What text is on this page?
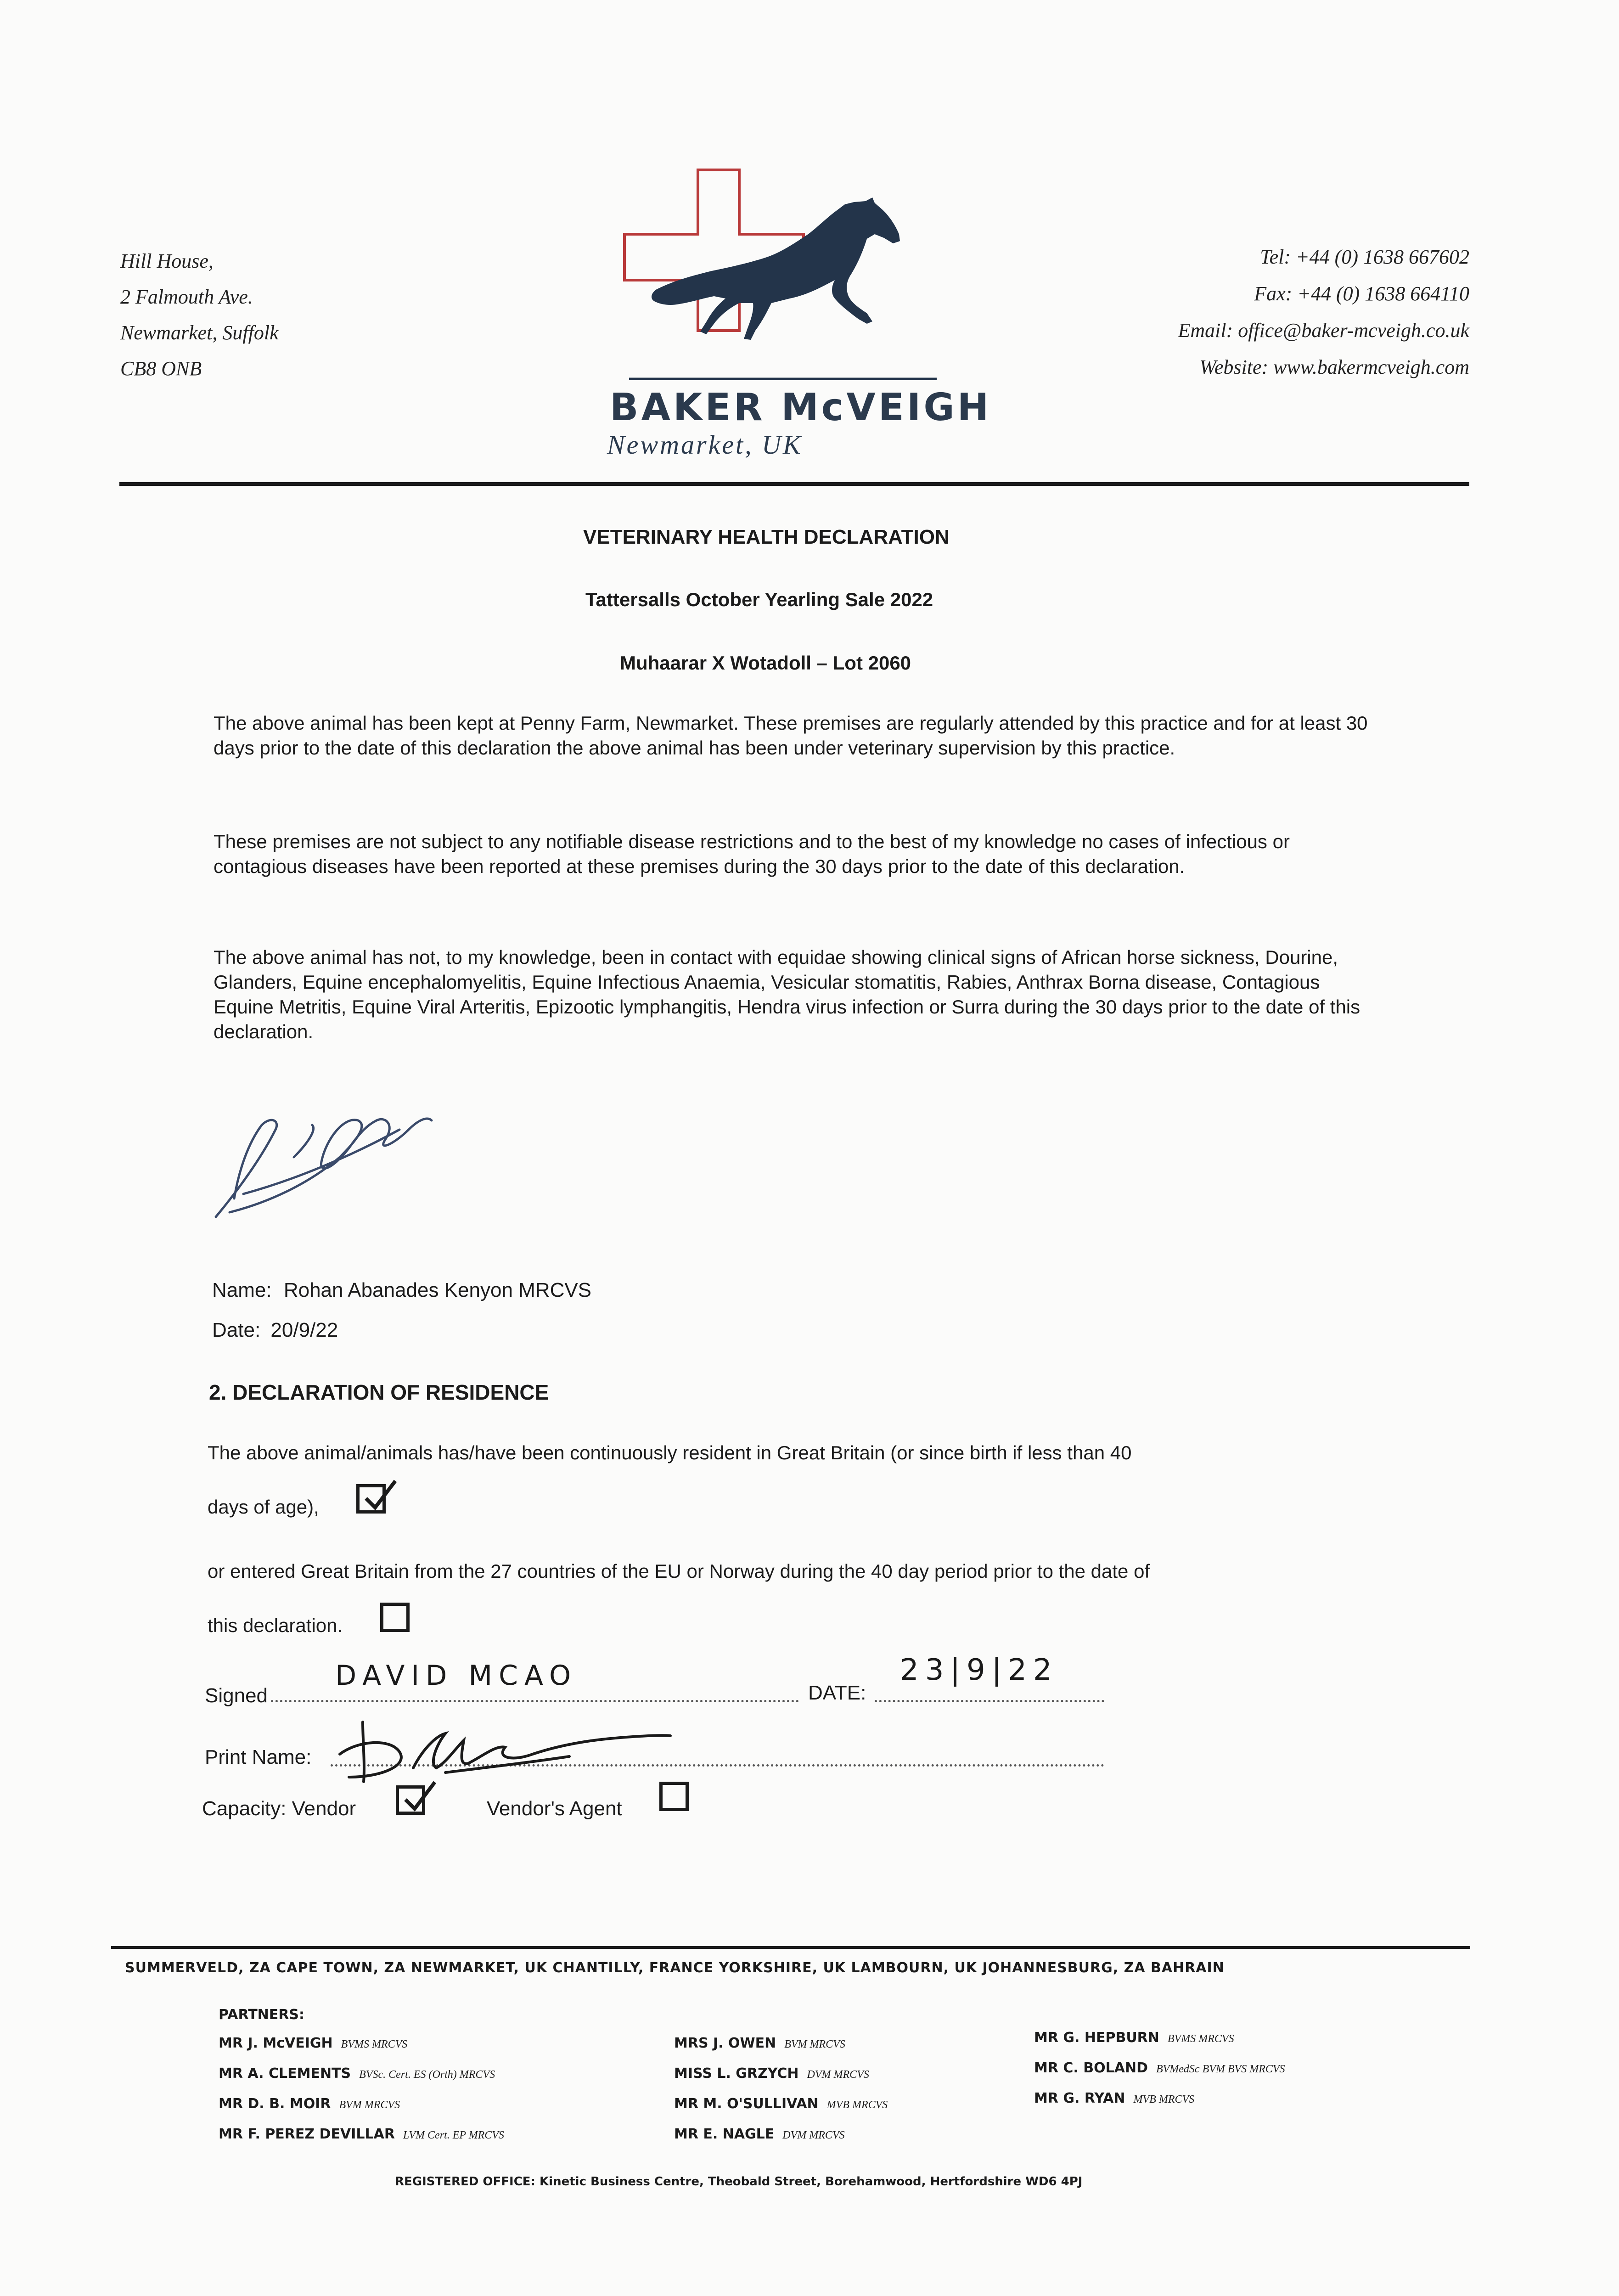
Hill House,
2 Falmouth Ave.
Newmarket, Suffolk
CB8 ONB
BAKER McVEIGH
Newmarket, UK
Tel: +44 (0) 1638 667602
Fax: +44 (0) 1638 664110
Email: office@baker-mcveigh.co.uk
Website: www.bakermcveigh.com
VETERINARY HEALTH DECLARATION
Tattersalls October Yearling Sale 2022
Muhaarar X Wotadoll – Lot 2060
The above animal has been kept at Penny Farm, Newmarket. These premises are regularly attended by this practice and for at least 30 days prior to the date of this declaration the above animal has been under veterinary supervision by this practice.
These premises are not subject to any notifiable disease restrictions and to the best of my knowledge no cases of infectious or contagious diseases have been reported at these premises during the 30 days prior to the date of this declaration.
The above animal has not, to my knowledge, been in contact with equidae showing clinical signs of African horse sickness, Dourine, Glanders, Equine encephalomyelitis, Equine Infectious Anaemia, Vesicular stomatitis, Rabies, Anthrax Borna disease, Contagious Equine Metritis, Equine Viral Arteritis, Epizootic lymphangitis, Hendra virus infection or Surra during the 30 days prior to the date of this declaration.
Name: Rohan Abanades Kenyon MRCVS
Date: 20/9/22
2. DECLARATION OF RESIDENCE
The above animal/animals has/have been continuously resident in Great Britain (or since birth if less than 40
days of age),
or entered Great Britain from the 27 countries of the EU or Norway during the 40 day period prior to the date of
this declaration.
Signed
DAVID MCAO
DATE:
23|9|22
Print Name:
Capacity: Vendor	Vendor's Agent
SUMMERVELD, ZA CAPE TOWN, ZA NEWMARKET, UK CHANTILLY, FRANCE YORKSHIRE, UK LAMBOURN, UK JOHANNESBURG, ZA BAHRAIN
PARTNERS:
MR J. McVEIGH BVMS MRCVS
MR A. CLEMENTS BVSc. Cert. ES (Orth) MRCVS
MR D. B. MOIR BVM MRCVS
MR F. PEREZ DEVILLAR LVM Cert. EP MRCVS
MRS J. OWEN BVM MRCVS
MISS L. GRZYCH DVM MRCVS
MR M. O'SULLIVAN MVB MRCVS
MR E. NAGLE DVM MRCVS
MR G. HEPBURN BVMS MRCVS
MR C. BOLAND BVMedSc BVM BVS MRCVS
MR G. RYAN MVB MRCVS
REGISTERED OFFICE: Kinetic Business Centre, Theobald Street, Borehamwood, Hertfordshire WD6 4PJ
